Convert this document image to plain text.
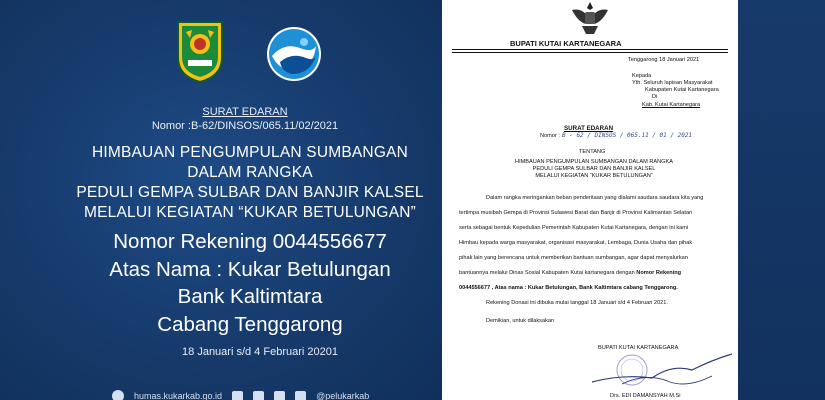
SURAT EDARAN
Nomor :B-62/DINSOS/065.11/02/2021
HIMBAUAN PENGUMPULAN SUMBANGAN
DALAM RANGKA
PEDULI GEMPA SULBAR DAN BANJIR KALSEL
MELALUI KEGIATAN “KUKAR BETULUNGAN”
Nomor Rekening 0044556677
Atas Nama : Kukar Betulungan
Bank Kaltimtara
Cabang Tenggarong
18 Januari s/d 4 Februari 20201
humas.kukarkab.go.id	@pelukarkab
BUPATI KUTAI KARTANEGARA
Tenggarong 18 Januari 2021
Kepada
Yth. Seluruh lapisan Masyarakat
Kabupaten Kutai Kartanegara
Di
Kab. Kutai Kartanegara
SURAT EDARAN
Nomor : B - 62 / DINSOS / 065.11 / 01 / 2021
TENTANG
HIMBAUAN PENGUMPULAN SUMBANGAN DALAM RANGKA
PEDULI GEMPA SULBAR DAN BANJIR KALSEL
MELALUI KEGIATAN “KUKAR BETULUNGAN”
Dalam rangka meringankan beban penderitaan yang dialami saudara saudara kita yang
tertimpa musibah Gempa di Provinsi Sulawesi Barat dan Banjir di Provinsi Kalimantan Selatan
serta sebagai bentuk Kepedulian Pemerintah Kabupaten Kutai Kartanegara, dengan ini kami
Himbau kepada warga masyarakat, organisasi masyarakat, Lembaga, Dunia Usaha dan pihak
pihak lain yang berencana untuk memberikan bantuan sumbangan, agar dapat menyalurkan
bantuannya melalui Dinas Sosial Kabupaten Kutai kartanegara dengan Nomor Rekening
0044556677 , Atas nama : Kukar Betulungan, Bank Kaltimtara cabang Tenggarong.
Rekening Donasi ini dibuka mulai tanggal 18 Januari s/d 4 Februari 2021.
Demikian, untuk dilaksakan
BUPATI KUTAI KARTANEGARA
Drs. EDI DAMANSYAH M.Si
